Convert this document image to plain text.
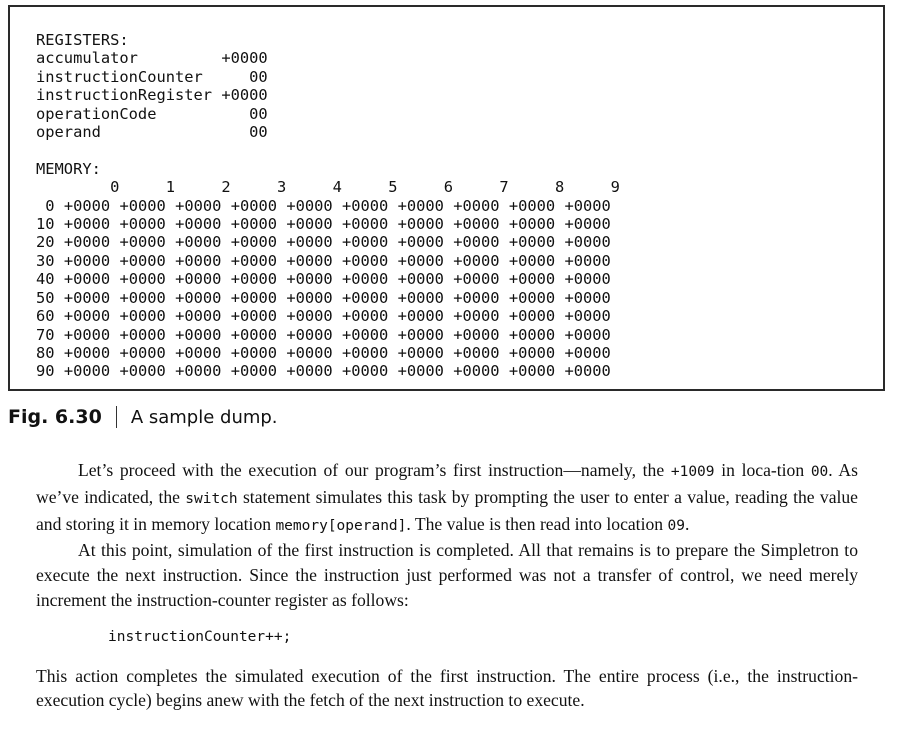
REGISTERS:
accumulator	+0000
instructionCounter	00
instructionRegister +0000
operationCode	00
operand	00

MEMORY:
0     1     2     3     4     5     6     7     8     9
0 +0000 +0000 +0000 +0000 +0000 +0000 +0000 +0000 +0000 +0000
10 +0000 +0000 +0000 +0000 +0000 +0000 +0000 +0000 +0000 +0000
20 +0000 +0000 +0000 +0000 +0000 +0000 +0000 +0000 +0000 +0000
30 +0000 +0000 +0000 +0000 +0000 +0000 +0000 +0000 +0000 +0000
40 +0000 +0000 +0000 +0000 +0000 +0000 +0000 +0000 +0000 +0000
50 +0000 +0000 +0000 +0000 +0000 +0000 +0000 +0000 +0000 +0000
60 +0000 +0000 +0000 +0000 +0000 +0000 +0000 +0000 +0000 +0000
70 +0000 +0000 +0000 +0000 +0000 +0000 +0000 +0000 +0000 +0000
80 +0000 +0000 +0000 +0000 +0000 +0000 +0000 +0000 +0000 +0000
90 +0000 +0000 +0000 +0000 +0000 +0000 +0000 +0000 +0000 +0000
Fig. 6.30 A sample dump.

Let’s proceed with the execution of our program’s first instruction—namely, the +1009 in loca-tion 00. As we’ve indicated, the switch statement simulates this task by prompting the user to enter a value, reading the value and storing it in memory location memory[operand]. The value is then read into location 09.

At this point, simulation of the first instruction is completed. All that remains is to prepare the Simpletron to execute the next instruction. Since the instruction just performed was not a transfer of control, we need merely increment the instruction-counter register as follows:

instructionCounter++;

This action completes the simulated execution of the first instruction. The entire process (i.e., the instruction-execution cycle) begins anew with the fetch of the next instruction to execute.
